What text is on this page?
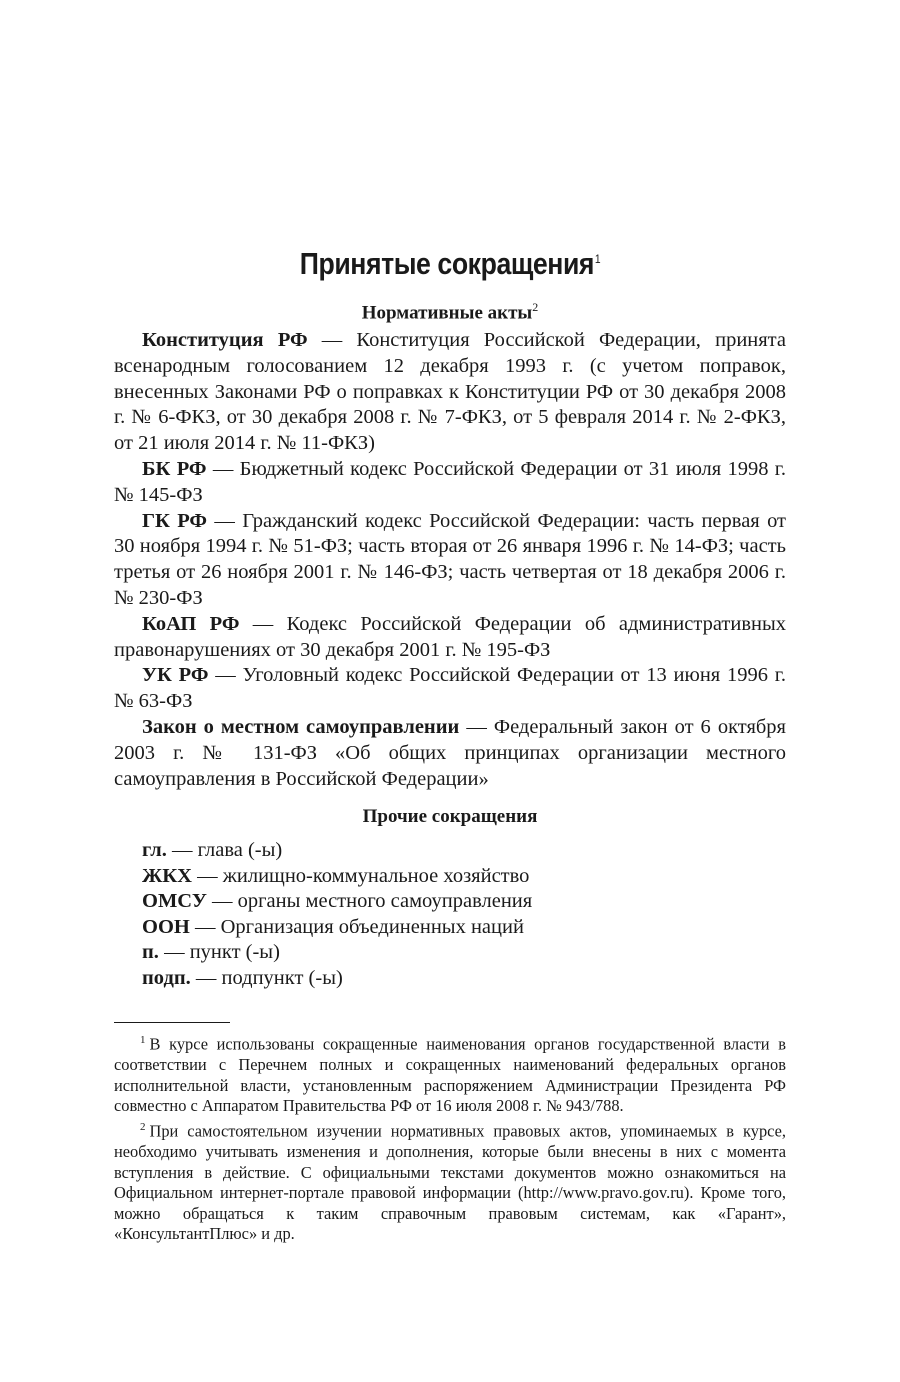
Принятые сокращения$^1$
Нормативные акты$^2$

Конституция РФ — Конституция Российской Федерации, принята всенародным голосованием 12 декабря 1993 г. (с учетом поправок, внесенных Законами РФ о поправках к Конституции РФ от 30 декабря 2008 г. № 6-ФКЗ, от 30 декабря 2008 г. № 7-ФКЗ, от 5 февраля 2014 г. № 2-ФКЗ, от 21 июля 2014 г. № 11-ФКЗ)

БК РФ — Бюджетный кодекс Российской Федерации от 31 июля 1998 г. № 145-ФЗ

ГК РФ — Гражданский кодекс Российской Федерации: часть первая от 30 ноября 1994 г. № 51-ФЗ; часть вторая от 26 января 1996 г. № 14-ФЗ; часть третья от 26 ноября 2001 г. № 146-ФЗ; часть четвертая от 18 декабря 2006 г. № 230-ФЗ

КоАП РФ — Кодекс Российской Федерации об административных правонарушениях от 30 декабря 2001 г. № 195-ФЗ

УК РФ — Уголовный кодекс Российской Федерации от 13 июня 1996 г. № 63-ФЗ

Закон о местном самоуправлении — Федеральный закон от 6 октября 2003 г. № 131-ФЗ «Об общих принципах организации местного самоуправления в Российской Федерации»

Прочие сокращения

гл. — глава (-ы)

ЖКХ — жилищно-коммунальное хозяйство

ОМСУ — органы местного самоуправления

ООН — Организация объединенных наций

п. — пункт (-ы)

подп. — подпункт (-ы)

$^1$ В курсе использованы сокращенные наименования органов государственной власти в соответствии с Перечнем полных и сокращенных наименований федеральных органов исполнительной власти, установленным распоряжением Администрации Президента РФ совместно с Аппаратом Правительства РФ от 16 июля 2008 г. № 943/788.

$^2$ При самостоятельном изучении нормативных правовых актов, упоминаемых в курсе, необходимо учитывать изменения и дополнения, которые были внесены в них с момента вступления в действие. С официальными текстами документов можно ознакомиться на Официальном интернет-портале правовой информации (http://www.pravo.gov.ru). Кроме того, можно обращаться к таким справочным правовым системам, как «Гарант», «КонсультантПлюс» и др.
